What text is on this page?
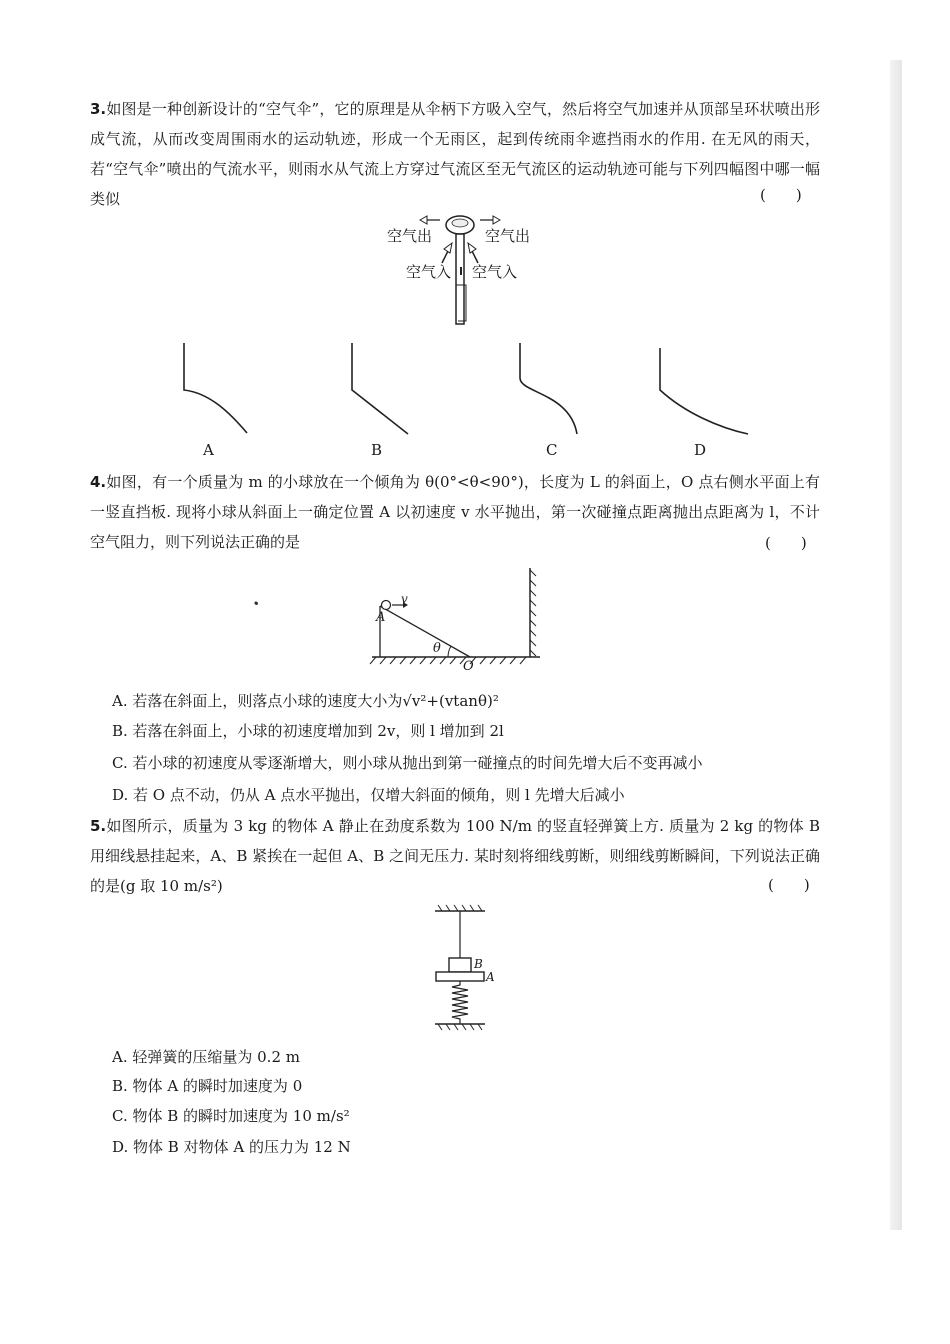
3.如图是一种创新设计的“空气伞”，它的原理是从伞柄下方吸入空气，然后将空气加速并从顶部呈环状喷出形成气流，从而改变周围雨水的运动轨迹，形成一个无雨区，起到传统雨伞遮挡雨水的作用. 在无风的雨天，若“空气伞”喷出的气流水平，则雨水从气流上方穿过气流区至无气流区的运动轨迹可能与下列四幅图中哪一幅类似	(　　)
空气出	空气出
空气入 空气入
A	B	C	D
4.如图，有一个质量为 m 的小球放在一个倾角为 θ(0°<θ<90°)，长度为 L 的斜面上，O 点右侧水平面上有一竖直挡板. 现将小球从斜面上一确定位置 A 以初速度 v 水平抛出，第一次碰撞点距离抛出点距离为 l，不计空气阻力，则下列说法正确的是	(　　)
v
A
θ
O
A. 若落在斜面上，则落点小球的速度大小为√v²+(vtanθ)²
B. 若落在斜面上，小球的初速度增加到 2v，则 l 增加到 2l
C. 若小球的初速度从零逐渐增大，则小球从抛出到第一碰撞点的时间先增大后不变再减小
D. 若 O 点不动，仍从 A 点水平抛出，仅增大斜面的倾角，则 l 先增大后减小
5.如图所示，质量为 3 kg 的物体 A 静止在劲度系数为 100 N/m 的竖直轻弹簧上方. 质量为 2 kg 的物体 B 用细线悬挂起来，A、B 紧挨在一起但 A、B 之间无压力. 某时刻将细线剪断，则细线剪断瞬间，下列说法正确的是(g 取 10 m/s²)	(　　)
B
A
A. 轻弹簧的压缩量为 0.2 m
B. 物体 A 的瞬时加速度为 0
C. 物体 B 的瞬时加速度为 10 m/s²
D. 物体 B 对物体 A 的压力为 12 N
